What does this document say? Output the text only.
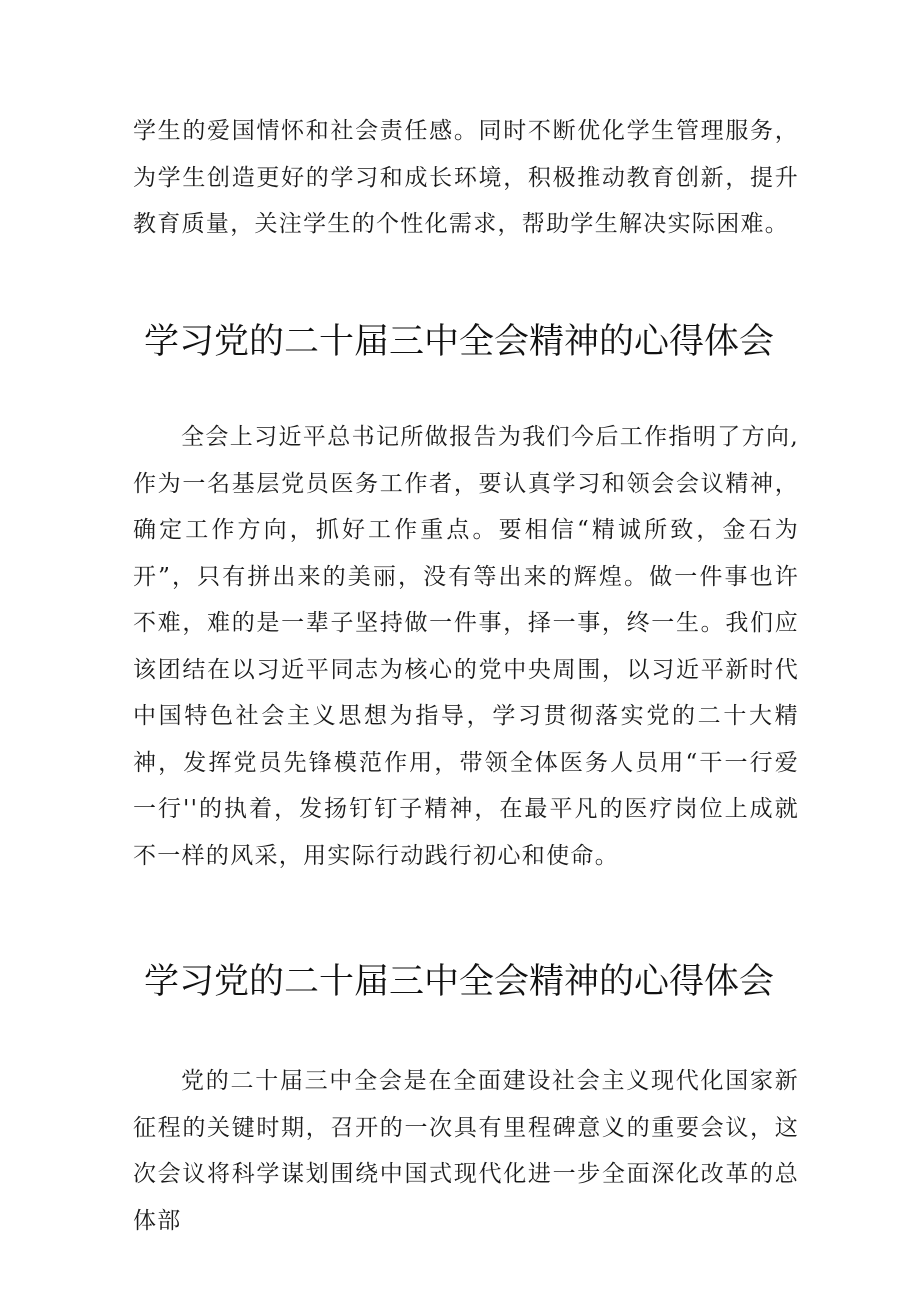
学生的爱国情怀和社会责任感。同时不断优化学生管理服务，为学生创造更好的学习和成长环境，积极推动教育创新，提升教育质量，关注学生的个性化需求，帮助学生解决实际困难。

学习党的二十届三中全会精神的心得体会

全会上习近平总书记所做报告为我们今后工作指明了方向,作为一名基层党员医务工作者，要认真学习和领会会议精神，确定工作方向，抓好工作重点。要相信“精诚所致，金石为开”，只有拼出来的美丽，没有等出来的辉煌。做一件事也许不难，难的是一辈子坚持做一件事，择一事，终一生。我们应该团结在以习近平同志为核心的党中央周围，以习近平新时代中国特色社会主义思想为指导，学习贯彻落实党的二十大精神，发挥党员先锋模范作用，带领全体医务人员用“干一行爱一行''的执着，发扬钉钉子精神，在最平凡的医疗岗位上成就不一样的风采，用实际行动践行初心和使命。

学习党的二十届三中全会精神的心得体会

党的二十届三中全会是在全面建设社会主义现代化国家新征程的关键时期，召开的一次具有里程碑意义的重要会议，这次会议将科学谋划围绕中国式现代化进一步全面深化改革的总体部
